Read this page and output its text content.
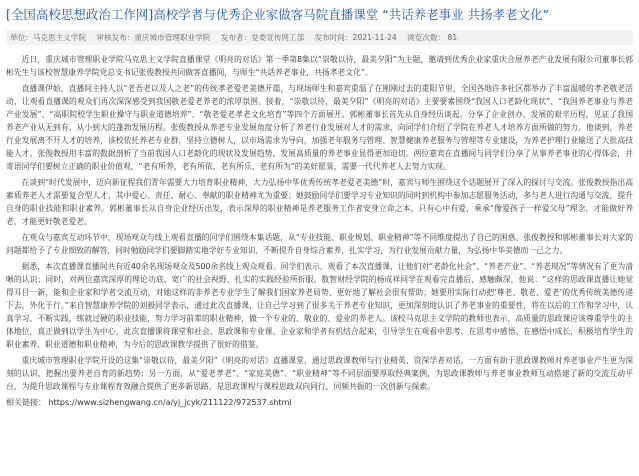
[全国高校思想政治工作网]高校学者与优秀企业家做客马院直播课堂 “共话养老事业 共扬孝老文化”
单位：马克思主义学院 审核发布：重庆城市管理职业学院 发布者：党委宣传网工部 发布时间：2021-11-24 浏览次数： 81

近日，重庆城市管理职业学院马克思主义学院直播课堂《明亮的对话》第一季第8集以“崇敬以待，最美夕阳”为主题，邀请到优秀企业家重庆合展养老产业发展有限公司董事长郭彬先生与该校智慧康养学院党总支书记张俊教授共同做客直播间，与师生“共话养老事业，共扬孝老文化”。

直播课伊始，直播间主持人以“老吾老以及人之老”的传统孝老爱老美德开篇，与现场师生和嘉宾重温了在刚刚过去的重阳节里，全国各地许多社区都举办了丰富温暖的孝老敬老活动，让观看直播课的观众们再次深深感受到我国敬老爱老养老的浓厚氛围。接着，“崇敬以待，最美夕阳”《明亮的对话》主要要素围绕“我国人口老龄化现状”、“我国养老事业与养老产业发展”、“高职院校学生职业操守与职业道德培养”、“敬老爱老孝老文化培育”等四个方面展开。郭彬董事长首先从自身经历谈起，分享了企业创办、发展的艰辛历程，见证了我国养老产业从无到有、从小到大的蓬勃发展历程。张俊教授从养老专业发展角度分析了养老行业发展对人才的需求，向同学们介绍了学院在养老人才培养方面所做的努力。他谈到，养老行业发展离不开人才的培养，该校依托养老专业群，坚持立德树人，以市场需求为导向，加强老年服务与管理、智慧健康养老服务与管理等专业建设，为养老护理行业输送了大批高技能人才。张俊教授用丰富的数据剖析了当前我国人口老龄化的现状及发展趋势，发展高质量的养老事业显得更加迫切。两位嘉宾在直播间与同学们分享了从事养老事业的心得体会，并寄语同学们要树立正确的职业价值观，“老有所养，老有所依，老有所乐，老有所为”的美好愿景，需要一代代养老人去努力实现。

在谈到“时代发展中，迈向新征程我们青年需要大力培育职业精神，大力弘扬中华优秀传统孝老爱老美德”时，嘉宾与师生围绕这个话题展开了深入的探讨与交流。张俊教授指出高素质养老人才需要复合型人才，其中爱心、责任、耐心、奉献的职业精神尤为重要；她鼓励同学们要学习专业知识的同时到机构中参加志愿服务活动，多与老人进行沟通与交流，提升自身的职业技能和职业素养。郭彬董事长从自身企业经历出发，表示深厚的职业精神是养老服务工作者安身立命之本，只有心中有爱，乘承“像爱孩子一样爱父母”理念，才能做好养老，才能更好敬老爱老。

在观众与嘉宾互动环节中，现场观众与线上观看直播的同学们围绕本集话题，从“专业技能、职业规划、职业精神”等不同维度提出了自己的困惑。张俊教授和郭彬董事长对大家的问题都给予了专业细致的解答，同时勉励同学们要脚踏实地学好专业知识，不断提升自身综合素养，扎实学习，为行业发展贡献力量，为弘扬中华美德而一己之力。

据悉，本次直播课直播间共有近40余名现场观众及500余名线上观众观看。同学们表示，观看了本次直播课，让他们对“老龄化社会”、“养老产业”、“养老现况”等情况有了更为清晰的认识；同时，对两位嘉宾深厚的理论功底、宽广的社会视野、扎实的实践经验所折服。数智财经学院的杨成祥同学在观看完直播后，感触颇深，他说：“这样的思政课直播让她觉得耳目一新，能和企业家和学者交流互动，对她这样的非养老专业学生了解我们国家养老局势、更好地了解社会很有帮助；她要用实际行动把‘尊老、敬老、爱老’的优秀传统美德传递下去，外化于行。”来自智慧康养学院的刘毅同学表示，通过此次直播课，让自己学习到了很多关于养老专业知识，更加深刻地认识了养老事业的重要性，将在以后的工作和学习中，认真学习、不断实践，练就过硬的职业技能，努力学习前辈的职业精神，做一个专业的、敬业的、爱业的养老人。该校马克思主义学院的教师也表示，高质量的思政课应该尊重学生的主体地位，真正做到以学生为中心，此次直播课将课堂和社会、思政课和专业课、企业家和学者有机结合起来，引导学生在观看中思考、在思考中感悟、在感悟中成长，积极培育学生的职业素养、职业道德和职业精神，为今后的思政课教学提供了很好的借鉴。

重庆城市管理职业学院开设的这集“崇敬以待，最美夕阳”《明亮的对话》直播课堂，通过思政课教师与行业精英、资深学者对话，一方面有助于思政课教师对养老事业产生更为深刻的认识，把握出要养老自育的新趋势；另一方面，从“爱老孝老”、“家庭美德”、“职业精神”等不同层面要厚取经典案例，为思政课教师与养老事业教师互动搭建了新的交流互动平台，为提升思政课程与专业课程育效融合提供了更多新思路，是思政课程与课程思政双向同行，同频共振的一次创新与探索。

相关链接： https://www.sizhengwang.cn/a/yj_jcyk/211122/972537.shtml
